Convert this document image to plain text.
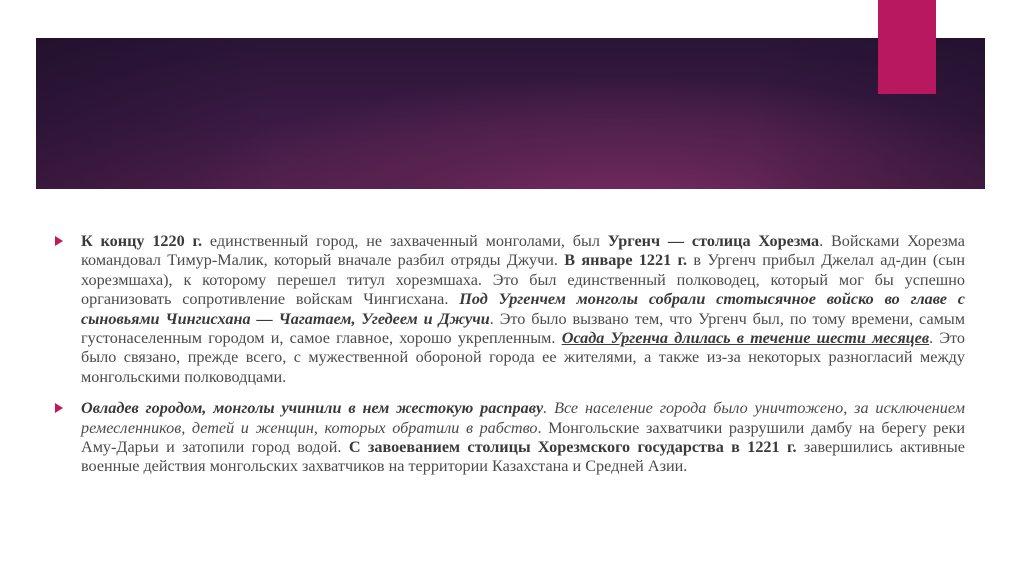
К концу 1220 г. единственный город, не захваченный монголами, был Ургенч — столица Хорезма. Войсками Хорезма командовал Тимур-Малик, который вначале разбил отряды Джучи. В январе 1221 г. в Ургенч прибыл Джелал ад-дин (сын хорезмшаха), к которому перешел титул хорезмшаха. Это был единственный полководец, который мог бы успешно организовать сопротивление войскам Чингисхана. Под Ургенчем монголы собрали стотысячное войско во главе с сыновьями Чингисхана — Чагатаем, Угедеем и Джучи. Это было вызвано тем, что Ургенч был, по тому времени, самым густонаселенным городом и, самое главное, хорошо укрепленным. Осада Ургенча длилась в течение шести месяцев. Это было связано, прежде всего, с мужественной обороной города ее жителями, а также из-за некоторых разногласий между монгольскими полководцами.

Овладев городом, монголы учинили в нем жестокую расправу. Все население города было уничтожено, за исключением ремесленников, детей и женщин, которых обратили в рабство. Монгольские захватчики разрушили дамбу на берегу реки Аму-Дарьи и затопили город водой. С завоеванием столицы Хорезмского государства в 1221 г. завершились активные военные действия монгольских захватчиков на территории Казахстана и Средней Азии.
